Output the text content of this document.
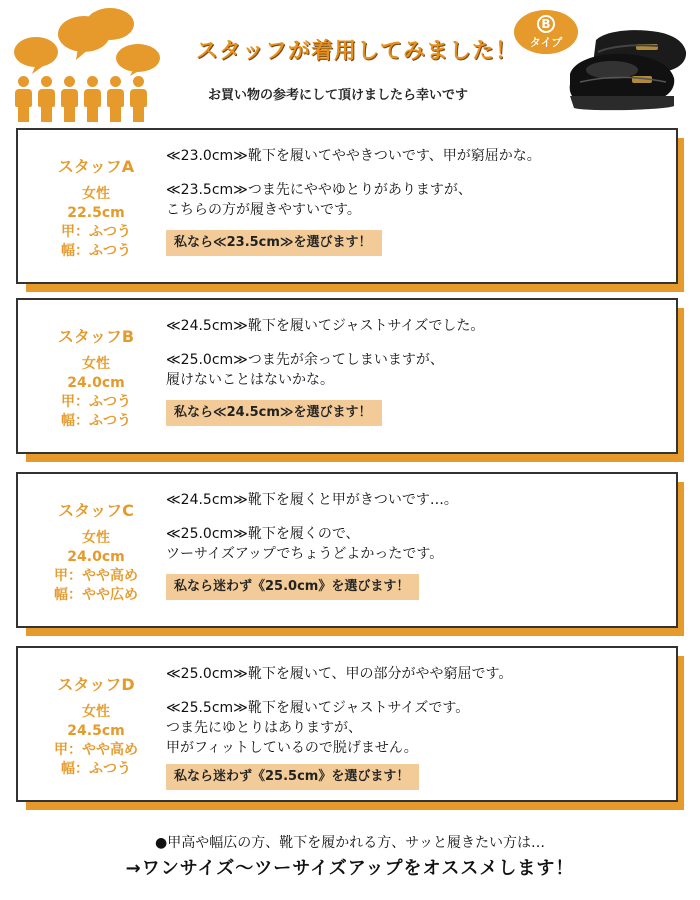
スタッフが着用してみました！
お買い物の参考にして頂けましたら幸いです
B
タイプ
スタッフA
女性
22.5cm
甲：ふつう
幅：ふつう

≪23.0cm≫靴下を履いてややきついです、甲が窮屈かな。

≪23.5cm≫つま先にややゆとりがありますが、

こちらの方が履きやすいです。

私なら≪23.5cm≫を選びます！
スタッフB
女性
24.0cm
甲：ふつう
幅：ふつう

≪24.5cm≫靴下を履いてジャストサイズでした。

≪25.0cm≫つま先が余ってしまいますが、

履けないことはないかな。

私なら≪24.5cm≫を選びます！
スタッフC
女性
24.0cm
甲：やや高め
幅：やや広め

≪24.5cm≫靴下を履くと甲がきついです…。

≪25.0cm≫靴下を履くので、

ツーサイズアップでちょうどよかったです。

私なら迷わず《25.0cm》を選びます！
スタッフD
女性
24.5cm
甲：やや高め
幅：ふつう

≪25.0cm≫靴下を履いて、甲の部分がやや窮屈です。

≪25.5cm≫靴下を履いてジャストサイズです。

つま先にゆとりはありますが、

甲がフィットしているので脱げません。

私なら迷わず《25.5cm》を選びます！
●甲高や幅広の方、靴下を履かれる方、サッと履きたい方は…
→ワンサイズ～ツーサイズアップをオススメします！
